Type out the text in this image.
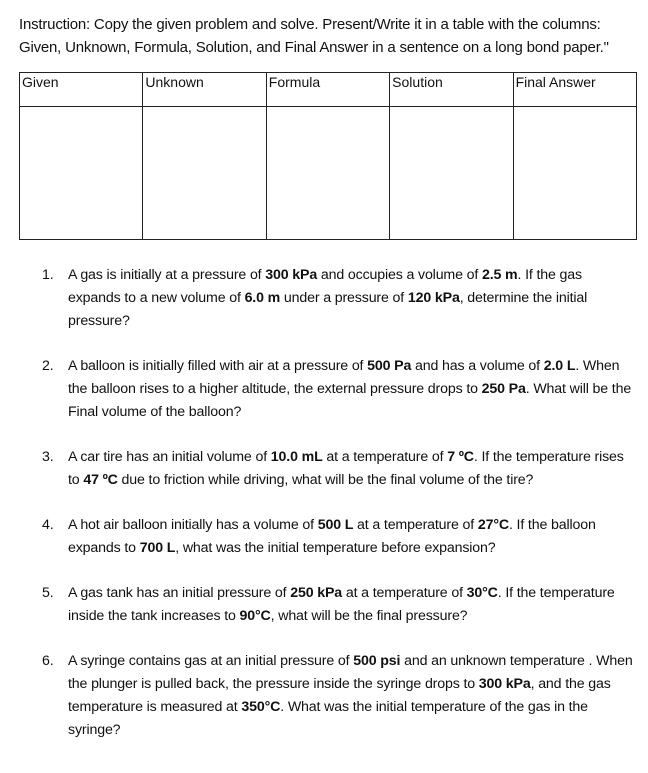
Instruction: Copy the given problem and solve. Present/Write it in a table with the columns:
Given, Unknown, Formula, Solution, and Final Answer in a sentence on a long bond paper."
Given	Unknown	Formula	Solution	Final Answer

1. A gas is initially at a pressure of 300 kPa and occupies a volume of 2.5 m. If the gas expands to a new volume of 6.0 m under a pressure of 120 kPa, determine the initial pressure?
2. A balloon is initially filled with air at a pressure of 500 Pa and has a volume of 2.0 L. When the balloon rises to a higher altitude, the external pressure drops to 250 Pa. What will be the Final volume of the balloon?
3. A car tire has an initial volume of 10.0 mL at a temperature of 7 ºC. If the temperature rises to 47 ºC due to friction while driving, what will be the final volume of the tire?
4. A hot air balloon initially has a volume of 500 L at a temperature of 27°C. If the balloon expands to 700 L, what was the initial temperature before expansion?
5. A gas tank has an initial pressure of 250 kPa at a temperature of 30°C. If the temperature inside the tank increases to 90°C, what will be the final pressure?
6. A syringe contains gas at an initial pressure of 500 psi and an unknown temperature . When the plunger is pulled back, the pressure inside the syringe drops to 300 kPa, and the gas temperature is measured at 350°C. What was the initial temperature of the gas in the syringe?
